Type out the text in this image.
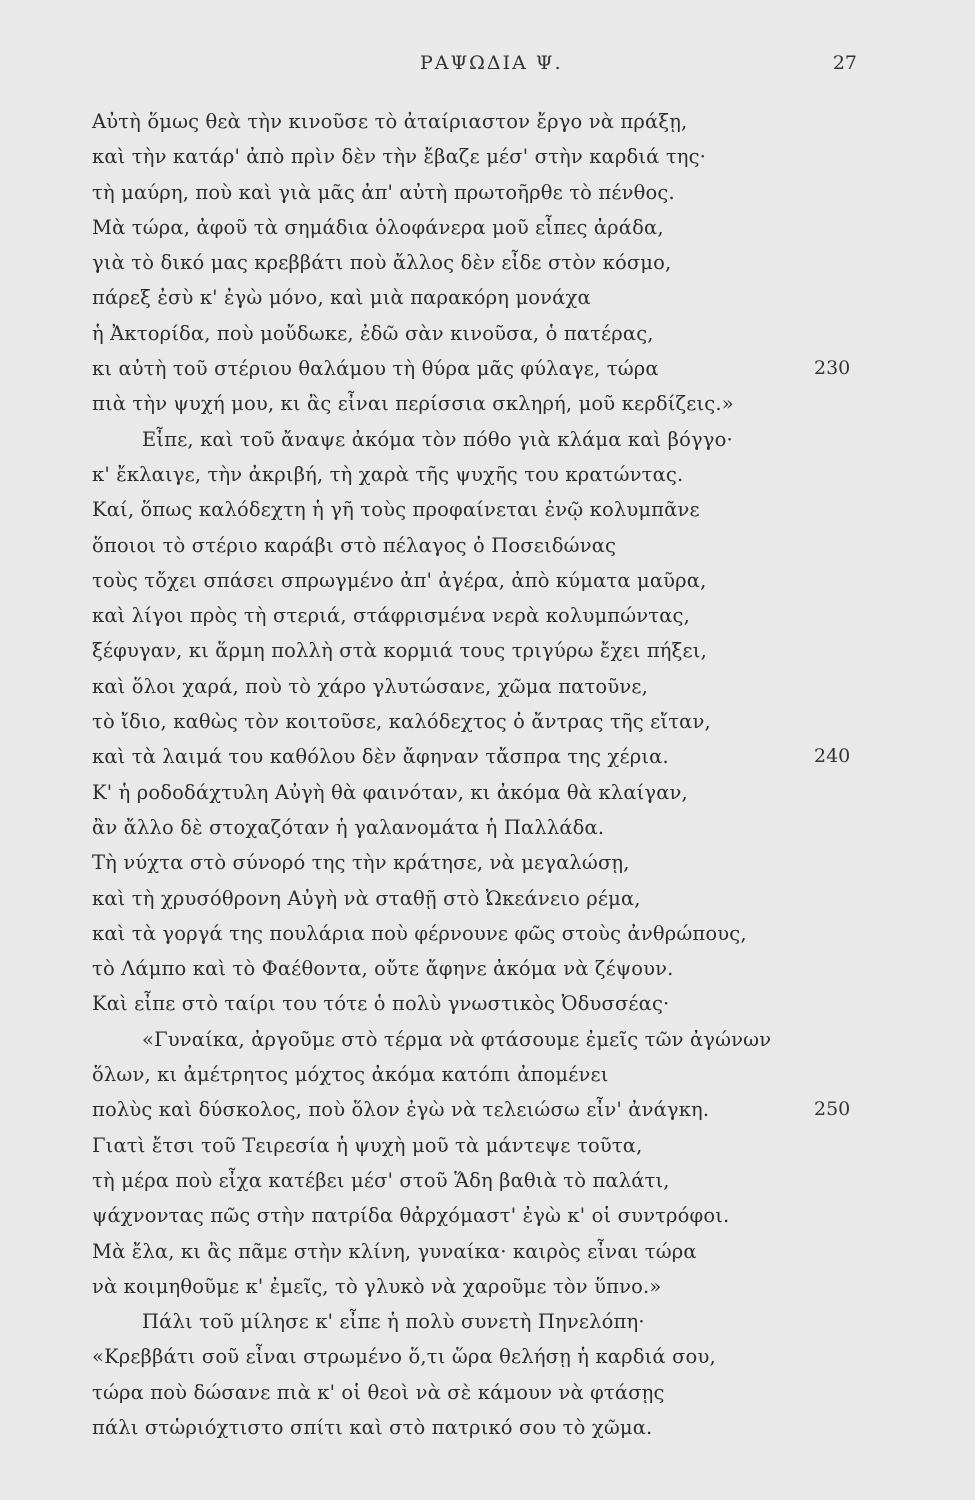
ΡΑΨΩΔΙΑ Ψ.	27
Αὐτὴ ὅμως θεὰ τὴν κινοῦσε τὸ ἀταίριαστον ἔργο νὰ πράξῃ,
καὶ τὴν κατάρ' ἀπὸ πρὶν δὲν τὴν ἔβαζε μέσ' στὴν καρδιά της·
τὴ μαύρη, ποὺ καὶ γιὰ μᾶς ἀπ' αὐτὴ πρωτοῆρθε τὸ πένθος.
Μὰ τώρα, ἀφοῦ τὰ σημάδια ὁλοφάνερα μοῦ εἶπες ἀράδα,
γιὰ τὸ δικό μας κρεββάτι ποὺ ἄλλος δὲν εἶδε στὸν κόσμο,
πάρεξ ἐσὺ κ' ἐγὼ μόνο, καὶ μιὰ παρακόρη μονάχα
ἡ Ἀκτορίδα, ποὺ μοὔδωκε, ἐδῶ σὰν κινοῦσα, ὁ πατέρας,
κι αὐτὴ τοῦ στέριου θαλάμου τὴ θύρα μᾶς φύλαγε, τώρα	230
πιὰ τὴν ψυχή μου, κι ἂς εἶναι περίσσια σκληρή, μοῦ κερδίζεις.»
Εἶπε, καὶ τοῦ ἄναψε ἀκόμα τὸν πόθο γιὰ κλάμα καὶ βόγγο·
κ' ἔκλαιγε, τὴν ἀκριβή, τὴ χαρὰ τῆς ψυχῆς του κρατώντας.
Καί, ὅπως καλόδεχτη ἡ γῆ τοὺς προφαίνεται ἐνῷ κολυμπᾶνε
ὅποιοι τὸ στέριο καράβι στὸ πέλαγος ὁ Ποσειδώνας
τοὺς τὄχει σπάσει σπρωγμένο ἀπ' ἀγέρα, ἀπὸ κύματα μαῦρα,
καὶ λίγοι πρὸς τὴ στεριά, στάφρισμένα νερὰ κολυμπώντας,
ξέφυγαν, κι ἅρμη πολλὴ στὰ κορμιά τους τριγύρω ἔχει πήξει,
καὶ ὅλοι χαρά, ποὺ τὸ χάρο γλυτώσανε, χῶμα πατοῦνε,
τὸ ἴδιο, καθὼς τὸν κοιτοῦσε, καλόδεχτος ὁ ἄντρας τῆς εἴταν,
καὶ τὰ λαιμά του καθόλου δὲν ἄφηναν τἄσπρα της χέρια.	240
Κ' ἡ ροδοδάχτυλη Αὐγὴ θὰ φαινόταν, κι ἀκόμα θὰ κλαίγαν,
ἂν ἄλλο δὲ στοχαζόταν ἡ γαλανομάτα ἡ Παλλάδα.
Τὴ νύχτα στὸ σύνορό της τὴν κράτησε, νὰ μεγαλώσῃ,
καὶ τὴ χρυσόθρονη Αὐγὴ νὰ σταθῇ στὸ Ὠκεάνειο ρέμα,
καὶ τὰ γοργά της πουλάρια ποὺ φέρνουνε φῶς στοὺς ἀνθρώπους,
τὸ Λάμπο καὶ τὸ Φαέθοντα, οὔτε ἄφηνε ἀκόμα νὰ ζέψουν.
Καὶ εἶπε στὸ ταίρι του τότε ὁ πολὺ γνωστικὸς Ὀδυσσέας·
«Γυναίκα, ἀργοῦμε στὸ τέρμα νὰ φτάσουμε ἐμεῖς τῶν ἀγώνων
ὅλων, κι ἀμέτρητος μόχτος ἀκόμα κατόπι ἀπομένει
πολὺς καὶ δύσκολος, ποὺ ὅλον ἐγὼ νὰ τελειώσω εἶν' ἀνάγκη.	250
Γιατὶ ἔτσι τοῦ Τειρεσία ἡ ψυχὴ μοῦ τὰ μάντεψε τοῦτα,
τὴ μέρα ποὺ εἶχα κατέβει μέσ' στοῦ Ἅδη βαθιὰ τὸ παλάτι,
ψάχνοντας πῶς στὴν πατρίδα θἀρχόμαστ' ἐγὼ κ' οἱ συντρόφοι.
Μὰ ἔλα, κι ἂς πᾶμε στὴν κλίνη, γυναίκα· καιρὸς εἶναι τώρα
νὰ κοιμηθοῦμε κ' ἐμεῖς, τὸ γλυκὸ νὰ χαροῦμε τὸν ὕπνο.»
Πάλι τοῦ μίλησε κ' εἶπε ἡ πολὺ συνετὴ Πηνελόπη·
«Κρεββάτι σοῦ εἶναι στρωμένο ὅ,τι ὥρα θελήσῃ ἡ καρδιά σου,
τώρα ποὺ δώσανε πιὰ κ' οἱ θεοὶ νὰ σὲ κάμουν νὰ φτάσῃς
πάλι στὡριόχτιστο σπίτι καὶ στὸ πατρικό σου τὸ χῶμα.
